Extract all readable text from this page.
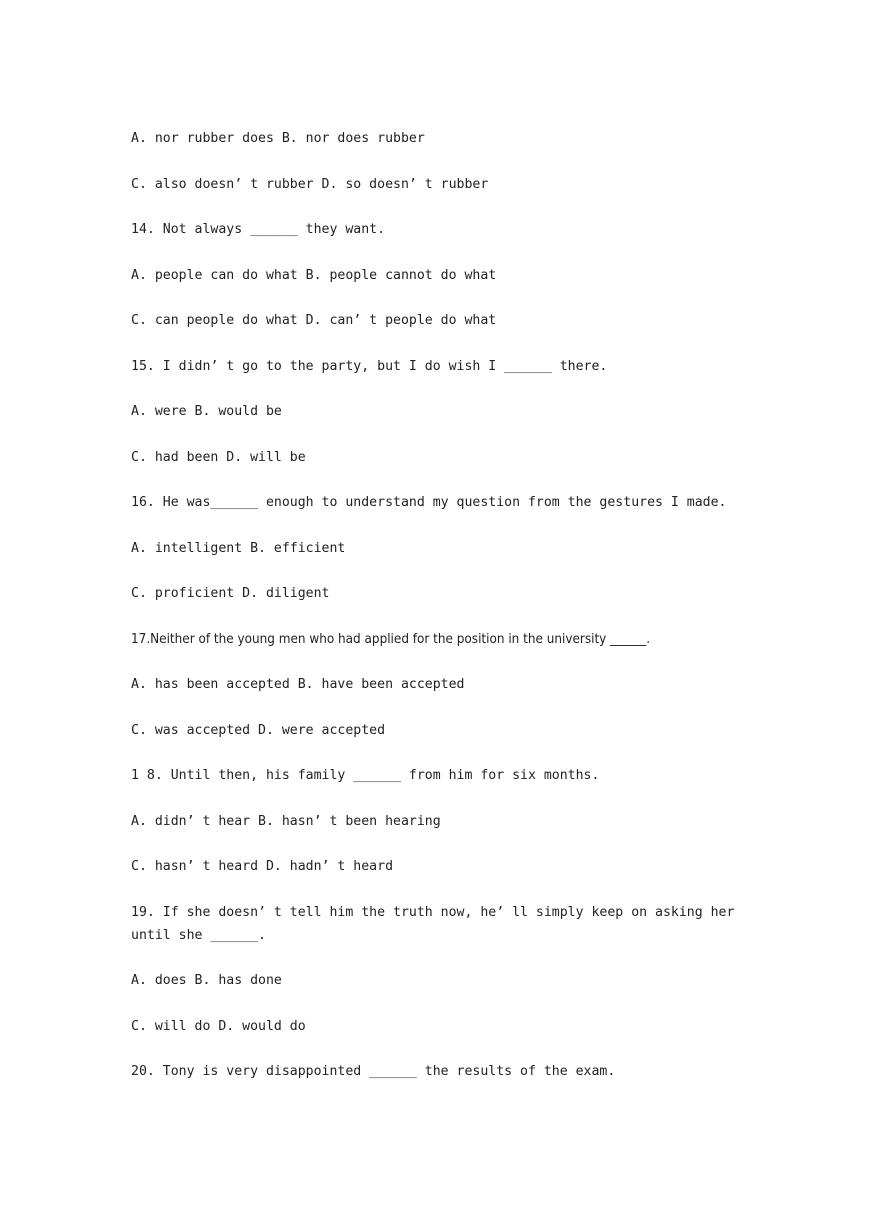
A. nor rubber does B. nor does rubber
C. also doesn’ t rubber D. so doesn’ t rubber
14. Not always ______ they want.
A. people can do what B. people cannot do what
C. can people do what D. can’ t people do what
15. I didn’ t go to the party, but I do wish I ______ there.
A. were B. would be
C. had been D. will be
16. He was______ enough to understand my question from the gestures I made.
A. intelligent B. efficient
C. proficient D. diligent
17.Neither of the young men who had applied for the position in the university ______.
A. has been accepted B. have been accepted
C. was accepted D. were accepted
1 8. Until then, his family ______ from him for six months.
A. didn’ t hear B. hasn’ t been hearing
C. hasn’ t heard D. hadn’ t heard
19. If she doesn’ t tell him the truth now, he’ ll simply keep on asking her until she ______.
A. does B. has done
C. will do D. would do
20. Tony is very disappointed ______ the results of the exam.
